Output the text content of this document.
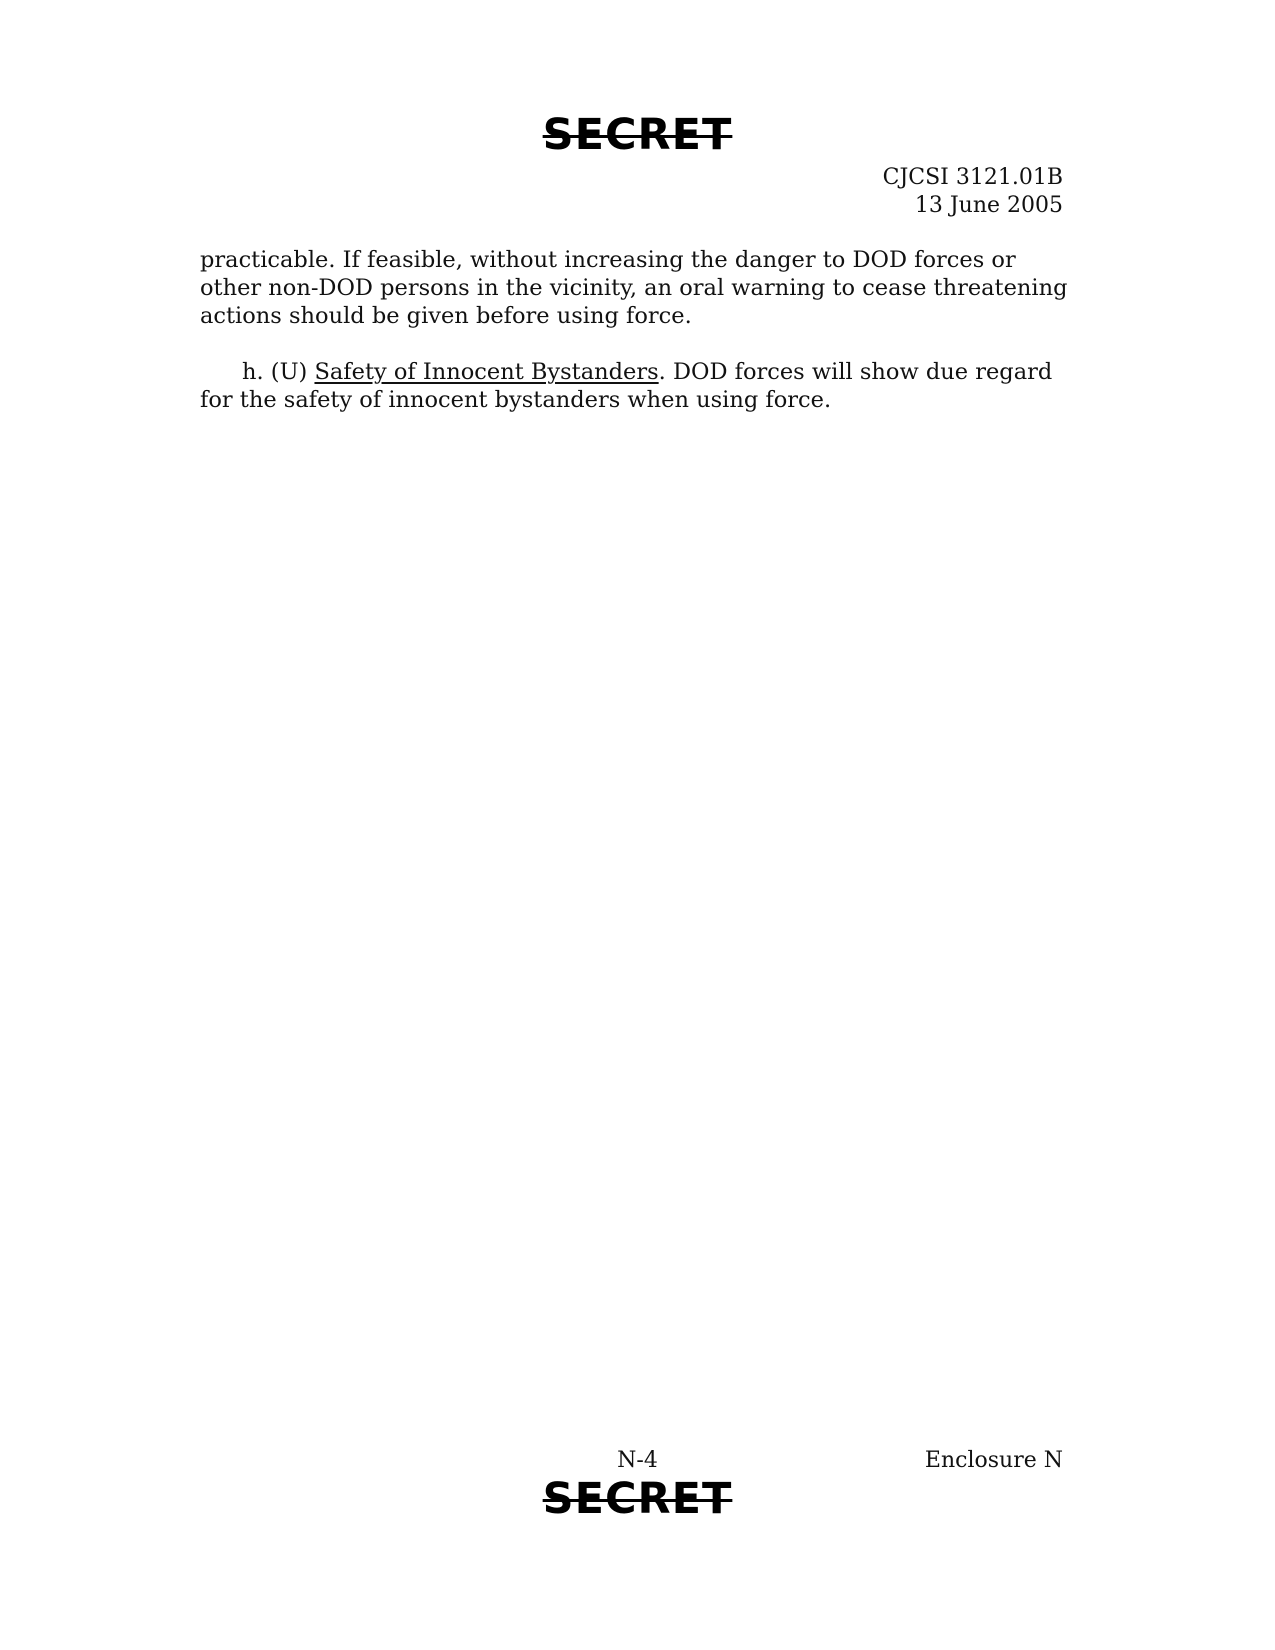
SECRET
CJCSI 3121.01B
13 June 2005

practicable. If feasible, without increasing the danger to DOD forces or other non-DOD persons in the vicinity, an oral warning to cease threatening actions should be given before using force.

h. (U) Safety of Innocent Bystanders. DOD forces will show due regard for the safety of innocent bystanders when using force.

N-4	Enclosure N
SECRET
